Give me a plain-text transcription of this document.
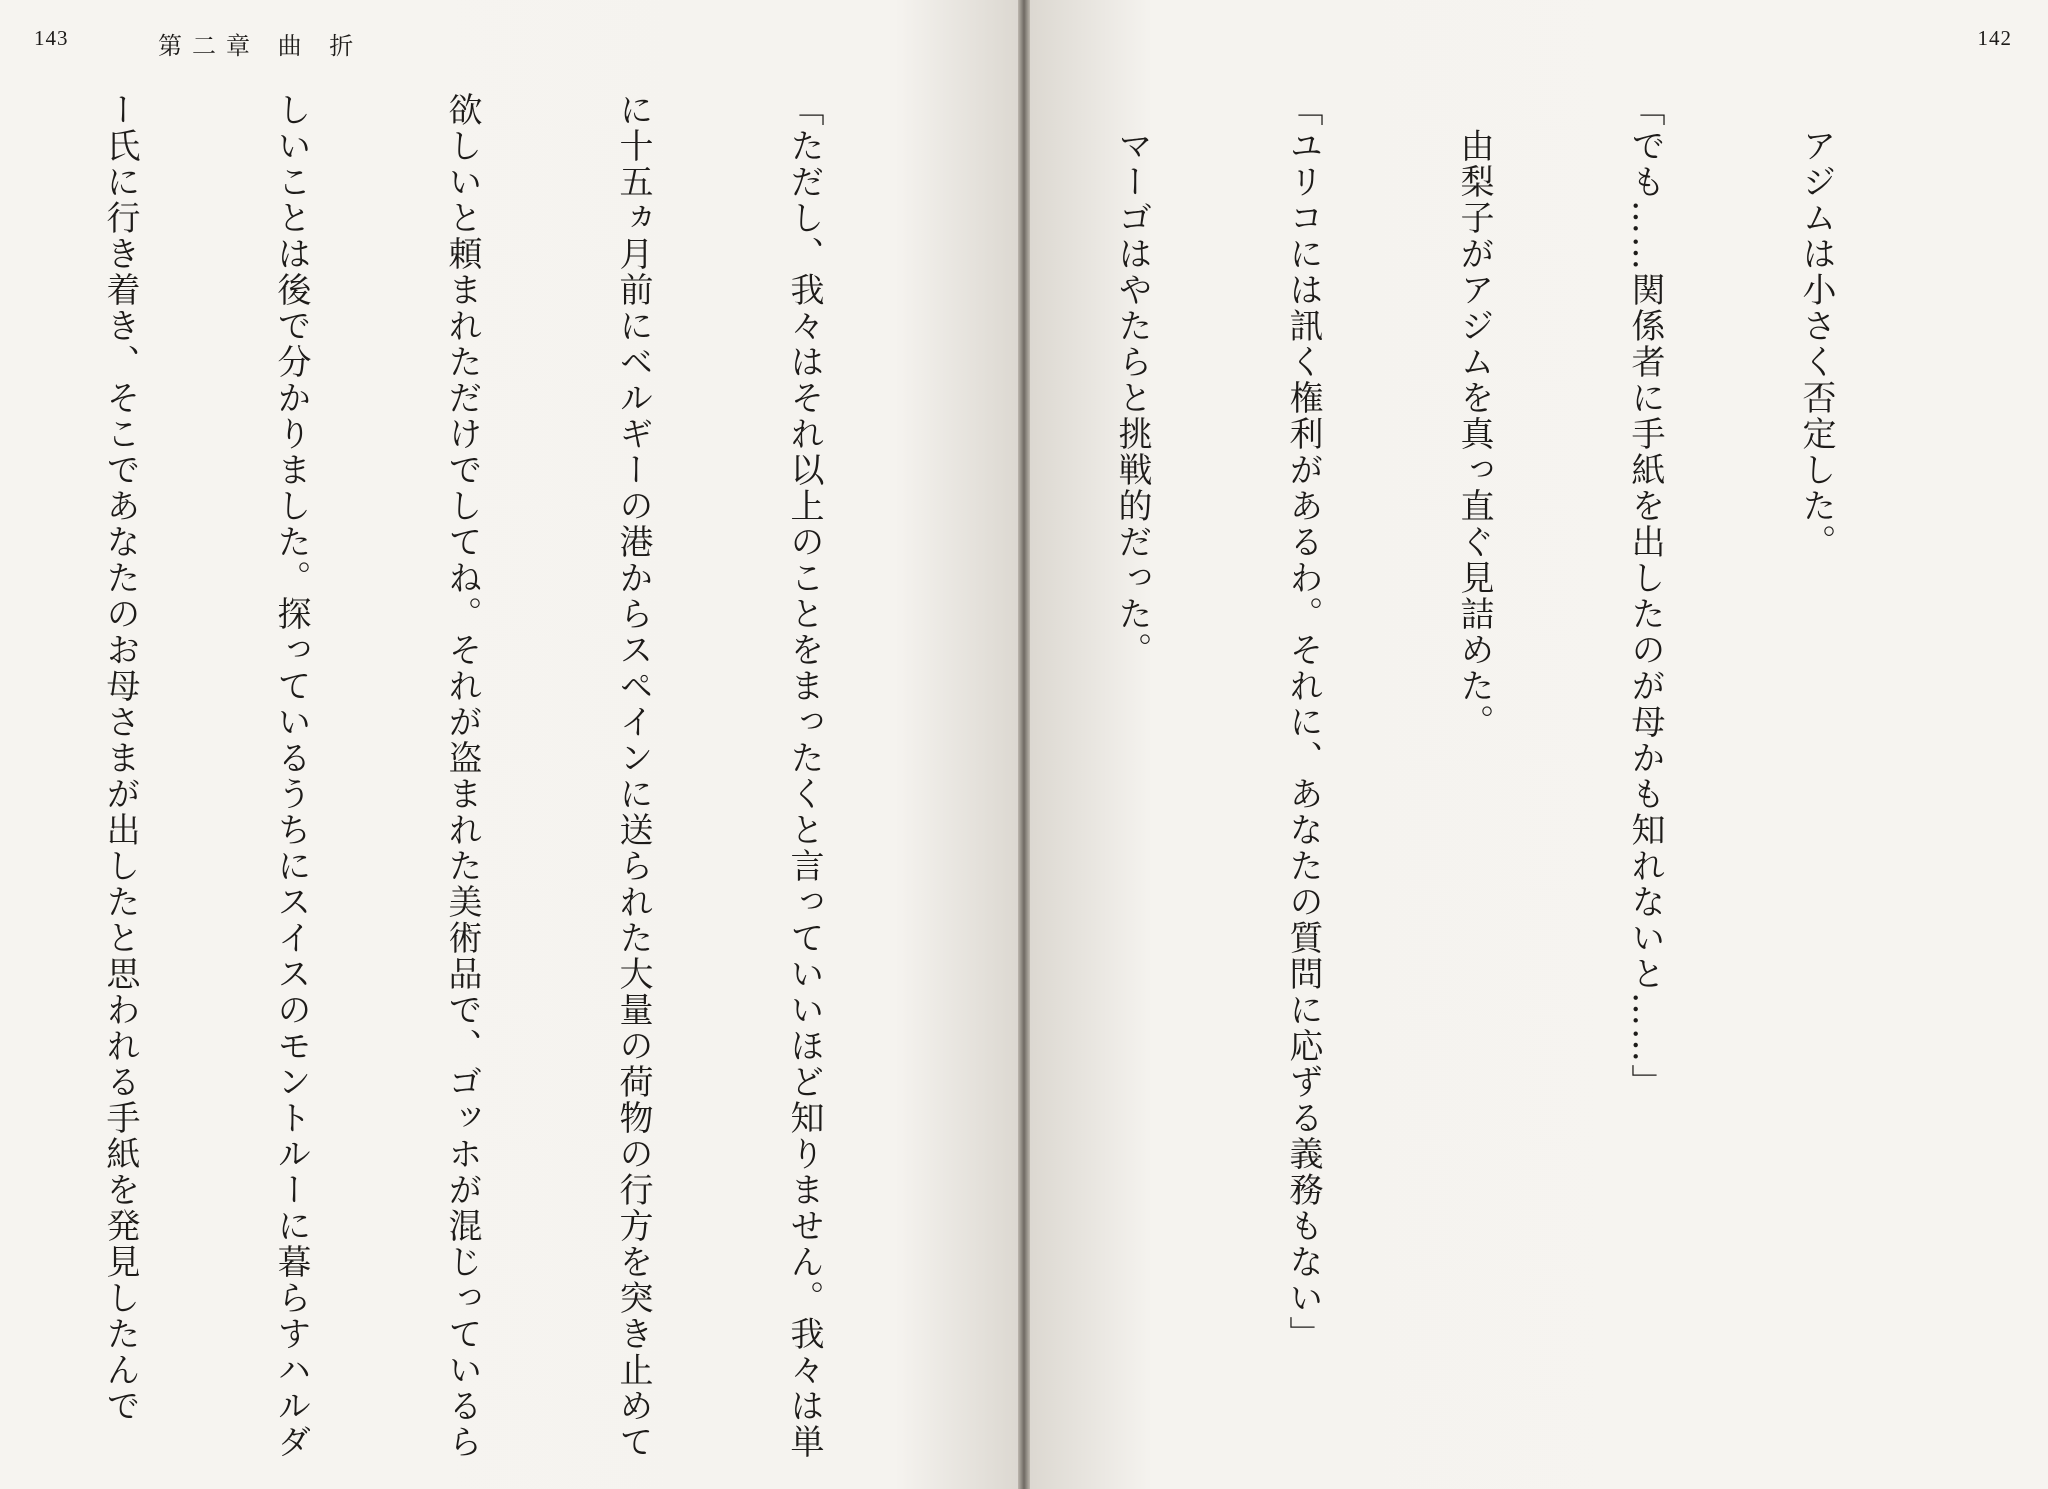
143	第二章 曲 折

「ただし、我々はそれ以上のことをまったくと言っていいほど知りません。我々は単

に十五ヵ月前にベルギーの港からスペインに送られた大量の荷物の行方を突き止めて

欲しいと頼まれただけでしてね。それが盗まれた美術品で、ゴッホが混じっているら

しいことは後で分かりました。探っているうちにスイスのモントルーに暮らすハルダ

ー氏に行き着き、そこであなたのお母さまが出したと思われる手紙を発見したんで

142

　アジムは小さく否定した。

「でも……関係者に手紙を出したのが母かも知れないと……」

　由梨子がアジムを真っ直ぐ見詰めた。

「ユリコには訊く権利があるわ。それに、あなたの質問に応ずる義務もない」

　マーゴはやたらと挑戦的だった。
